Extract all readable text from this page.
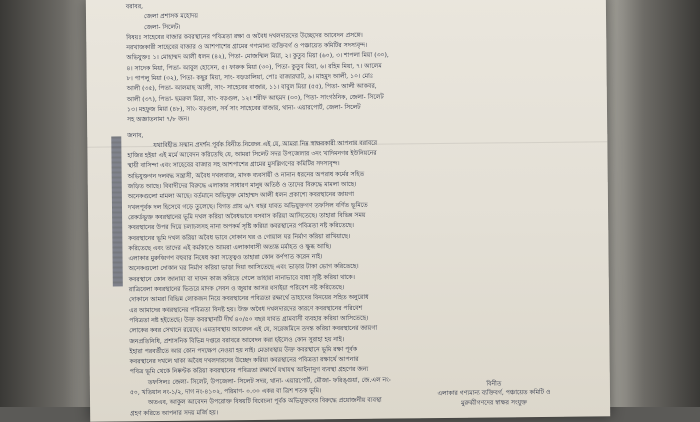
বরাবর,
জেলা প্রশাসক মহোদয়
জেলা- সিলেট।
বিষয়ঃ সাহেবের বাজার কবরস্থানের পবিত্রতা রক্ষা ও অবৈধ দখলদারদের উচ্ছেদের আবেদন প্রসঙ্গে।
নরখাজকারী সাহেবের বাজার ও আশপাশের গ্রামের গণ্যমান্য ব্যক্তিবর্গ ও পঞ্চায়েত কমিটির সদস্যবৃন্দ।
অভিযুক্তঃ ১। মোহাম্মদ আলী ধলন (৪২), পিতা- মোজম্মিল মিয়া, ২। কুতুব মিয়া (৬০), ৩। শাপলা মিয়া (৩০),
৪। সাদেক মিয়া, পিতা- আবুল হোসেন, ৫। ফারুক মিয়া (৩০), পিতা- কুতুব মিয়া, ৬। রহিম মিয়া, ৭। আলেম
৮। পাপলু মিয়া (৩২), পিতা- কছুর মিয়া, সাং- বড়ডালিয়া, পোঃ বাজারঘাট, ৯। মাহমুদ আলী, ১০। মোঃ
আলী (৩৫), পিতা- আলমাছ আলী, সাং- সাহেবের বাজার, ১১। বাবুল মিয়া (৫৫), পিতা- আলী আকবর,
আলী (৩৭), পিতা- ছমরুল মিয়া, সাং- বড়গুল, ১২। শরীফ আহমদ (৩০), পিতা- সাংগঠনিক, জেলা- সিলেট
১৩। মহফুজ মিয়া (৪৮), সাং- বড়গুল, সর্ব সাং সাহেবের বাজার, থানা- এয়ারপোর্ট, জেলা- সিলেট
সহ অজ্ঞাতনামা ৭/৮ জন।
জনাব,
যথাবিহীত সম্মান প্রদর্শন পূর্বক বিনীত নিবেদন এই যে, আমরা নিম্ন স্বাক্ষরকারী আপনার বরাবরে
হাজির হইয়া এই মর্মে আবেদন করিতেছি যে, আমরা সিলেট সদর উপজেলার ৩নং খাদিমনগর ইউনিয়নের
স্থায়ী বাসিন্দা এবং সাহেবের বাজার সহ আশপাশের গ্রামের মুসল্লিগণের কমিটির সদস্যবৃন্দ।
অভিযুক্তগন দলবদ্ধ সন্ত্রাসী, অবৈধ দখলবাজ, মাদক ব্যবসায়ী ও নানান ধরনের অপরাধ কর্মের সহিত
জড়িত আছে। বিবাদীদের বিরুদ্ধে এলাকার সাধারণ মানুষ অতিষ্ঠ ও তাদের বিরুদ্ধে মামলা আছে।
অনেকগুলো মামলা আছে। বর্তমানে অভিযুক্ত মোহাম্মদ আলী ধলন প্রকাশ্যে কবরস্থানের জায়গা
দখলপূর্বক দল হিসেবে গড়ে তুলেছে। বিগত প্রায় ৬/৭ বছর যাবত অভিযুক্তগণ তফসিল বর্ণিত ভূমিতে
রেকর্ডভুক্ত কবরস্থানের ভূমি দখল করিয়া অবৈধভাবে বসবাস করিয়া আসিতেছে। তাহারা বিভিন্ন সময়
কবরস্থানের উপর দিয়ে চলাচলসহ নানা অপকর্ম সৃষ্টি করিয়া কবরস্থানের পবিত্রতা নষ্ট করিতেছে।
কবরস্থানের ভূমি দখল করিয়া অবৈধ ভাবে দোকান ঘর ও গোয়াল ঘর নির্মাণ করিয়া রাখিয়াছে।
করিতেছে এবং তাদের এই কর্মকাণ্ডে আমরা এলাকাবাসী অত্যন্ত মর্মাহত ও ক্ষুব্ধ আছি।
এলাকার মুরুব্বিগণ বহুবার নিষেধ করা সত্ত্বেও তাহারা কোন কর্ণপাত করেন নাই।
অনেকগুলো দোকান ঘর নির্মাণ করিয়া ভাড়া দিয়া আসিতেছে এবং ভাড়ার টাকা ভোগ করিতেছে।
কবরস্থানে কোন জানাযা বা দাফন কাজ করিতে গেলে তাহারা নানাভাবে বাধা সৃষ্টি করিয়া থাকে।
রাত্রিবেলা কবরস্থানের ভিতরে মাদক সেবন ও জুয়ার আসর বসাইয়া পরিবেশ নষ্ট করিতেছে।
দোকানে আমরা বিভিন্ন লোকজন নিয়ে কবরস্থানের পবিত্রতা রক্ষার্থে তাহাদের বিনয়ের সহিত অনুরোধ
এর আমাদের কবরস্থানের পবিত্রতা বিনষ্ট হয়। উক্ত অবৈধ দখলদারদের কারণে কবরস্থানের পরিবেশ
পবিত্রতা নষ্ট হইতেছে। উক্ত কবরস্থানটি দীর্ঘ ৪০/৫০ বছর যাবত গ্রামবাসী ব্যবহার করিয়া আসিতেছে।
লোকের কবর সেখানে রয়েছে। এমতাবস্থায় আবেদন এই যে, সরেজমিনে তদন্ত করিয়া কবরস্থানের জায়গা
জনপ্রতিনিধি, প্রশাসনিক বিভিন্ন দপ্তরে বরাবরে আবেদন করা হইলেও কোন সুরাহা হয় নাই।
ইহারা পরবর্তীতে আর কোন পদক্ষেপ নেওয়া হয় নাই। মেডাবস্থায় উক্ত কবরস্থানে ভূমি রক্ষা পূর্বক
কবরস্থানের দখলে থাকা অবৈধ দখলদারদের উচ্ছেদ করিয়া কবরস্থানের পবিত্রতা রক্ষার্থে আপনার
পবিত্র ভূমি থেকে নিষ্কণ্টক করিয়া কবরস্থানের পবিত্রতা রক্ষার্থে যথাযথ আইনানুগ ব্যবস্থা গ্রহণের জন্য
তফসিলঃ জেলা- সিলেট, উপজেলা- সিলেট সদর, থানা- এয়ারপোর্ট, মৌজা- ফরিঙ্গুয়া, জে.এল নং-
৫০, খতিয়ান নং-১/২, দাগ নং-৪১০২, পরিমাণ- ০.৩০ একর বা ত্রিশ শতক ভূমি।
অতএব, আকুল আবেদন উপরোক্ত বিষয়টি বিবেচনা পূর্বক অভিযুক্তদের বিরুদ্ধে প্রয়োজনীয় ব্যবস্থা
গ্রহণ করিতে আপনার সদয় মর্জি হয়।
বিনীত
এলাকার গণ্যমান্য ব্যক্তিবর্গ, পঞ্চায়েত কমিটি ও
মুরুব্বীগণদের স্বাক্ষর সংযুক্ত
